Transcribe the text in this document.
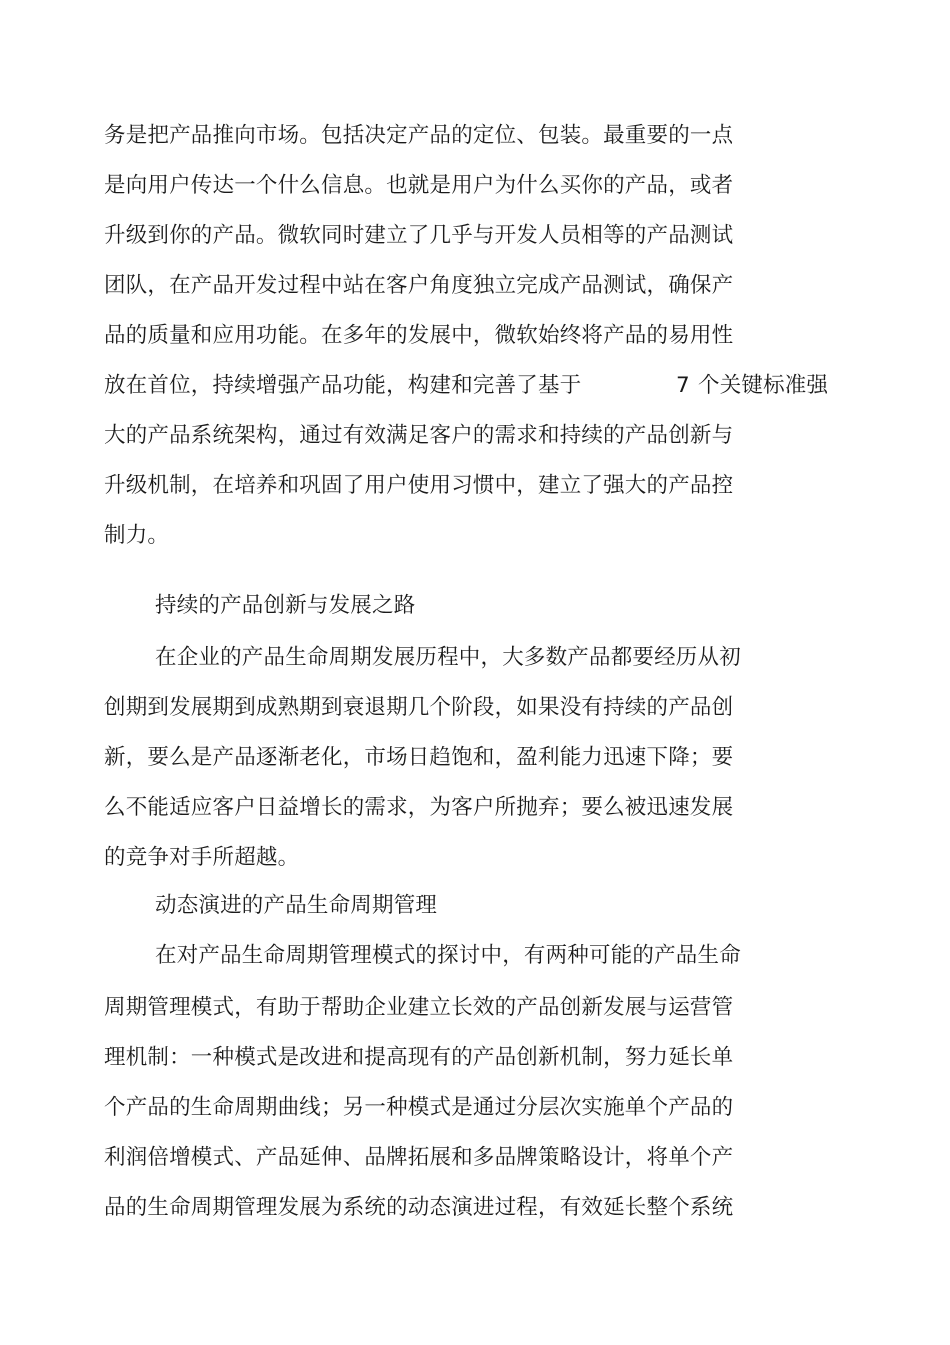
务是把产品推向市场。包括决定产品的定位、包装。最重要的一点
是向用户传达一个什么信息。也就是用户为什么买你的产品，或者
升级到你的产品。微软同时建立了几乎与开发人员相等的产品测试
团队，在产品开发过程中站在客户角度独立完成产品测试，确保产
品的质量和应用功能。在多年的发展中，微软始终将产品的易用性
放在首位，持续增强产品功能，构建和完善了基于	7 个关键标准强
大的产品系统架构，通过有效满足客户的需求和持续的产品创新与
升级机制，在培养和巩固了用户使用习惯中，建立了强大的产品控
制力。
持续的产品创新与发展之路
在企业的产品生命周期发展历程中，大多数产品都要经历从初
创期到发展期到成熟期到衰退期几个阶段，如果没有持续的产品创
新，要么是产品逐渐老化，市场日趋饱和，盈利能力迅速下降；要
么不能适应客户日益增长的需求，为客户所抛弃；要么被迅速发展
的竞争对手所超越。
动态演进的产品生命周期管理
在对产品生命周期管理模式的探讨中，有两种可能的产品生命
周期管理模式，有助于帮助企业建立长效的产品创新发展与运营管
理机制：一种模式是改进和提高现有的产品创新机制，努力延长单
个产品的生命周期曲线；另一种模式是通过分层次实施单个产品的
利润倍增模式、产品延伸、品牌拓展和多品牌策略设计，将单个产
品的生命周期管理发展为系统的动态演进过程，有效延长整个系统
